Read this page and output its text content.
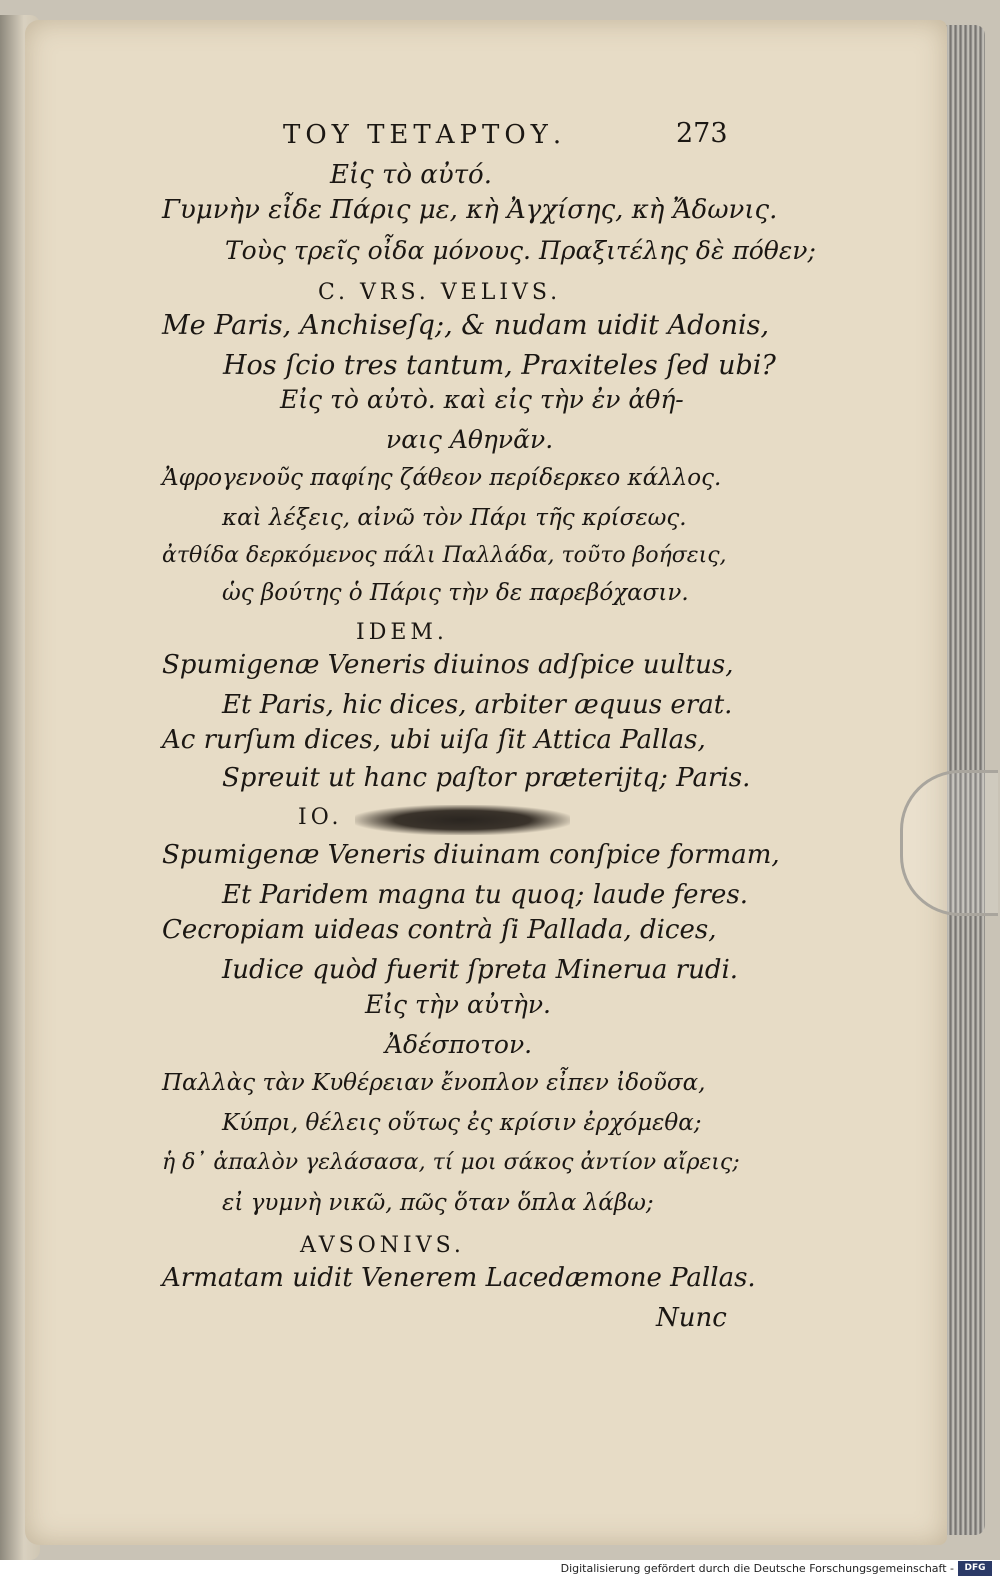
ΤΟΥ ΤΕΤΑΡΤΟΥ.	273
Εἰς τὸ αὐτό.
Γυμνὴν εἶδε Πάρις με, κὴ Ἀγχίσης, κὴ Ἄδωνις.
Τοὺς τρεῖς οἶδα μόνους. Πραξιτέλης δὲ πόθεν;
C. VRS. VELIVS.
Me Paris, Anchiseſq;, & nudam uidit Adonis,
Hos ſcio tres tantum, Praxiteles ſed ubi?
Εἰς τὸ αὐτὸ. καὶ εἰς τὴν ἐν ἀθή-
ναις Αθηνᾶν.
Ἀφρογενοῦς παφίης ζάθεον περίδερκεο κάλλος.
καὶ λέξεις, αἰνῶ τὸν Πάρι τῆς κρίσεως.
ἀτθίδα δερκόμενος πάλι Παλλάδα, τοῦτο βοήσεις,
ὡς βούτης ὁ Πάρις τὴν δε παρεβόχασιν.
IDEM.
Spumigenæ Veneris diuinos adſpice uultus,
Et Paris, hic dices, arbiter æquus erat.
Ac rurſum dices, ubi uiſa ſit Attica Pallas,
Spreuit ut hanc paſtor præterijtq; Paris.
IO.
Spumigenæ Veneris diuinam conſpice formam,
Et Paridem magna tu quoq; laude feres.
Cecropiam uideas contrà ſi Pallada, dices,
Iudice quòd fuerit ſpreta Minerua rudi.
Εἰς τὴν αὐτὴν.
Ἀδέσποτον.
Παλλὰς τὰν Κυθέρειαν ἔνοπλον εἶπεν ἰδοῦσα,
Κύπρι, θέλεις οὕτως ἐς κρίσιν ἐρχόμεθα;
ἡ δ᾽ ἁπαλὸν γελάσασα, τί μοι σάκος ἀντίον αἴρεις;
εἰ γυμνὴ νικῶ, πῶς ὅταν ὅπλα λάβω;
AVSONIVS.
Armatam uidit Venerem Lacedæmone Pallas.
Nunc
Digitalisierung gefördert durch die Deutsche Forschungsgemeinschaft -	DFG
